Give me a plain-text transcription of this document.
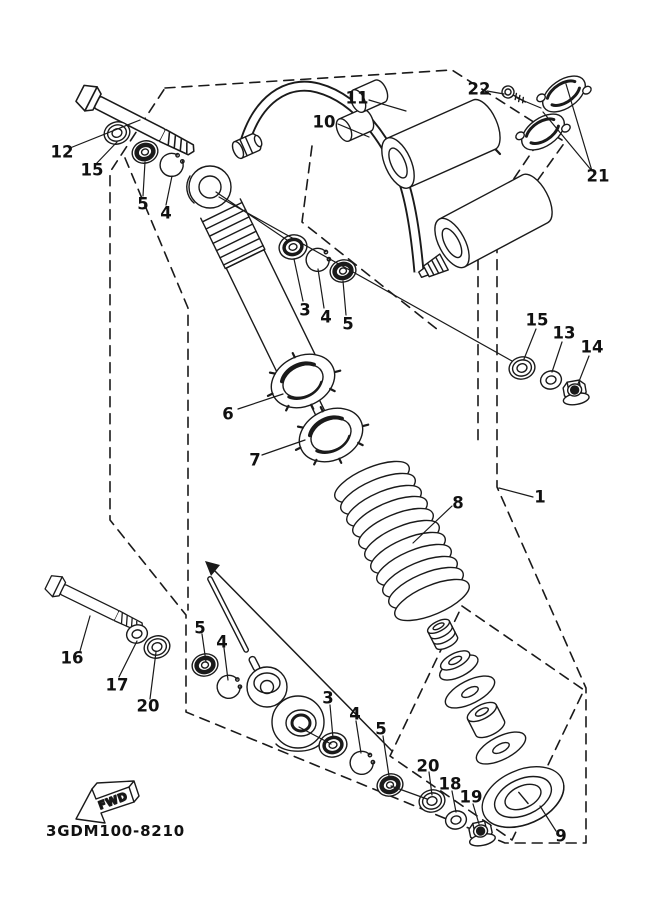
FWD
3GDM100-8210
12
15
5 4
11
10
22
21
3 4 5	15
13
14
1
6
7
8
16
17
20
5
4
3
4
5
20
18
19
9
